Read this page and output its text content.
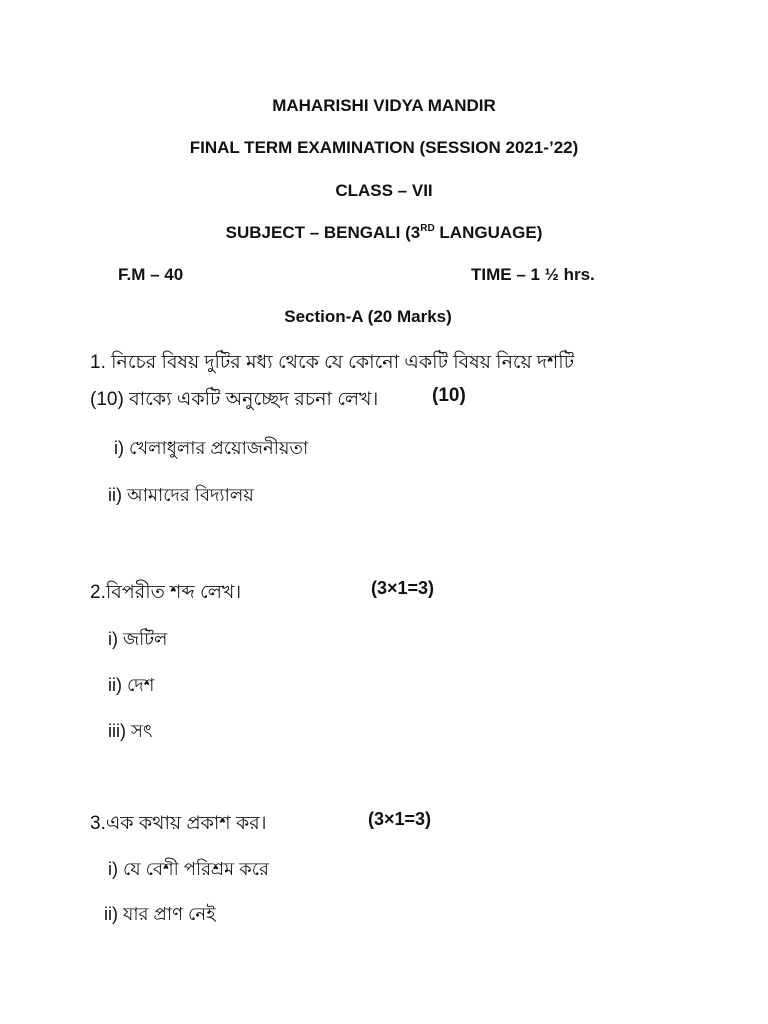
MAHARISHI VIDYA MANDIR
FINAL TERM EXAMINATION (SESSION 2021-’22)
CLASS – VII
SUBJECT – BENGALI (3RD LANGUAGE)
F.M – 40	TIME – 1 ½ hrs.
Section-A (20 Marks)
1. নিচের বিষয় দুটির মধ্য থেকে যে কোনো একটি বিষয় নিয়ে দশটি
(10) বাক্যে একটি অনুচ্ছেদ রচনা লেখ।	(10)
i) খেলাধুলার প্রয়োজনীয়তা
ii) আমাদের বিদ্যালয়
2.বিপরীত শব্দ লেখ।	(3×1=3)
i) জটিল
ii) দেশ
iii) সৎ
3.এক কথায় প্রকাশ কর।	(3×1=3)
i) যে বেশী পরিশ্রম করে
ii) যার প্রাণ নেই
